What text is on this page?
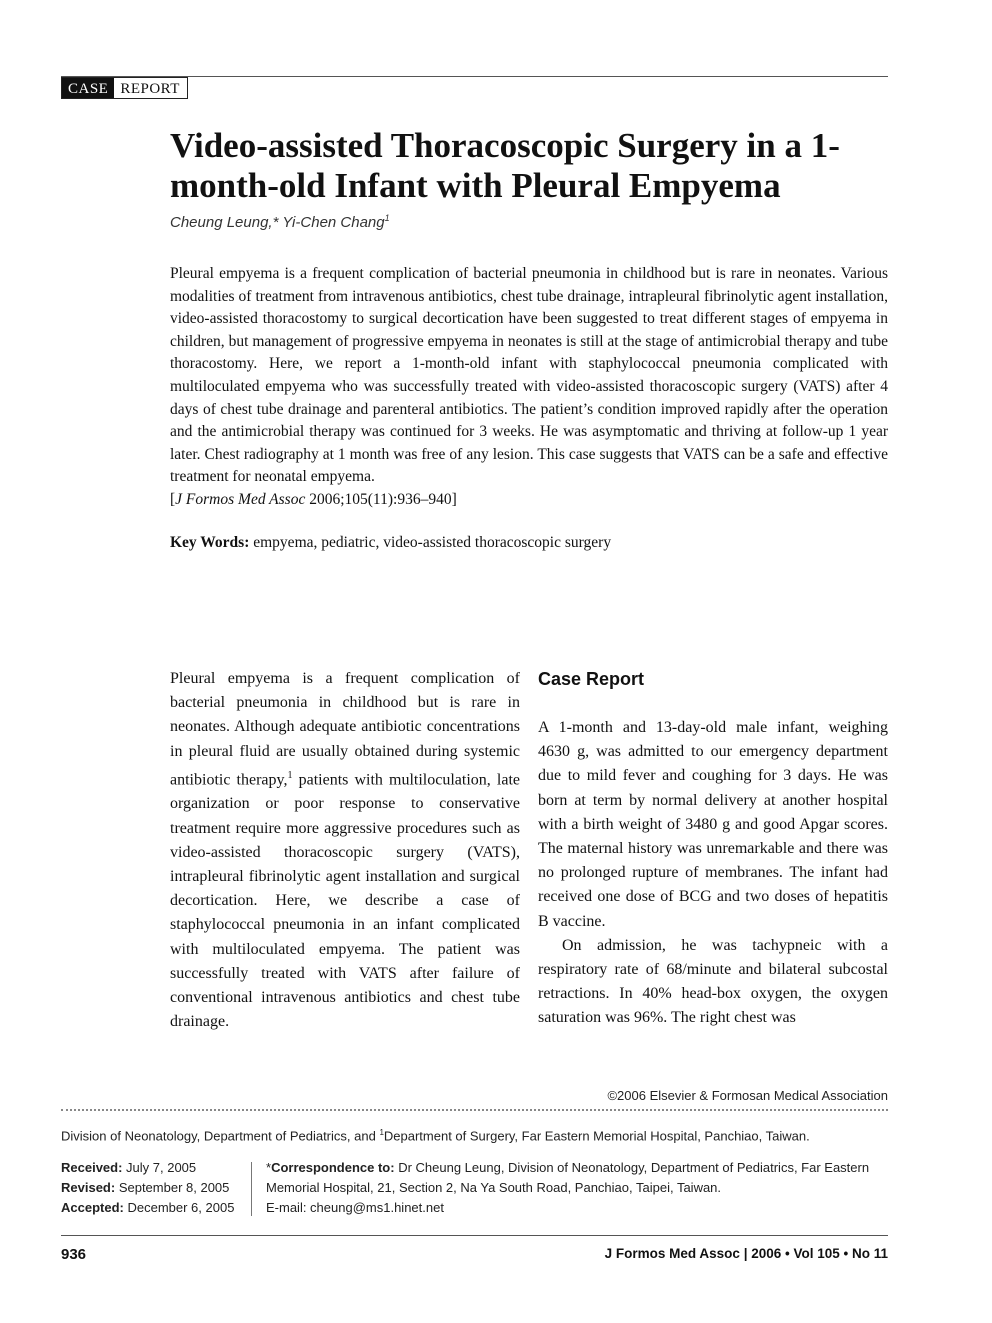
CASE REPORT
Video-assisted Thoracoscopic Surgery in a 1-month-old Infant with Pleural Empyema
Cheung Leung,* Yi-Chen Chang$^1$

Pleural empyema is a frequent complication of bacterial pneumonia in childhood but is rare in neonates. Various modalities of treatment from intravenous antibiotics, chest tube drainage, intrapleural fibrinolytic agent installation, video-assisted thoracostomy to surgical decortication have been suggested to treat different stages of empyema in children, but management of progressive empyema in neonates is still at the stage of antimicrobial therapy and tube thoracostomy. Here, we report a 1-month-old infant with staphylococcal pneumonia complicated with multiloculated empyema who was successfully treated with video-assisted thoracoscopic surgery (VATS) after 4 days of chest tube drainage and parenteral antibiotics. The patient’s condition improved rapidly after the operation and the antimicrobial therapy was continued for 3 weeks. He was asymptomatic and thriving at follow-up 1 year later. Chest radiography at 1 month was free of any lesion. This case suggests that VATS can be a safe and effective treatment for neonatal empyema.
[J Formos Med Assoc 2006;105(11):936–940]

Key Words: empyema, pediatric, video-assisted thoracoscopic surgery

Pleural empyema is a frequent complication of bacterial pneumonia in childhood but is rare in neonates. Although adequate antibiotic concentrations in pleural fluid are usually obtained during systemic antibiotic therapy,$^1$ patients with multiloculation, late organization or poor response to conservative treatment require more aggressive procedures such as video-assisted thoracoscopic surgery (VATS), intrapleural fibrinolytic agent installation and surgical decortication. Here, we describe a case of staphylococcal pneumonia in an infant complicated with multiloculated empyema. The patient was successfully treated with VATS after failure of conventional intravenous antibiotics and chest tube drainage.

Case Report

A 1-month and 13-day-old male infant, weighing 4630 g, was admitted to our emergency department due to mild fever and coughing for 3 days. He was born at term by normal delivery at another hospital with a birth weight of 3480 g and good Apgar scores. The maternal history was unremarkable and there was no prolonged rupture of membranes. The infant had received one dose of BCG and two doses of hepatitis B vaccine.

On admission, he was tachypneic with a respiratory rate of 68/minute and bilateral subcostal retractions. In 40% head-box oxygen, the oxygen saturation was 96%. The right chest was

©2006 Elsevier & Formosan Medical Association
Division of Neonatology, Department of Pediatrics, and $^1$Department of Surgery, Far Eastern Memorial Hospital, Panchiao, Taiwan.
Received: July 7, 2005
Revised: September 8, 2005
Accepted: December 6, 2005
*Correspondence to: Dr Cheung Leung, Division of Neonatology, Department of Pediatrics, Far Eastern Memorial Hospital, 21, Section 2, Na Ya South Road, Panchiao, Taipei, Taiwan.
E-mail: cheung@ms1.hinet.net
936	J Formos Med Assoc | 2006 • Vol 105 • No 11
